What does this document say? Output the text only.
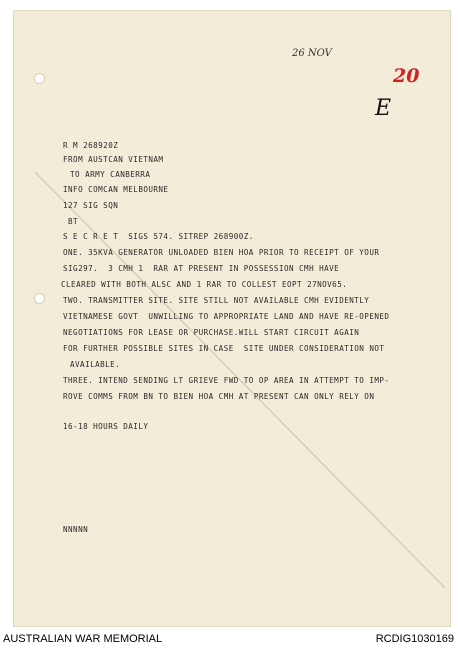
26 NOV
20
E
R M 268920Z
FROM AUSTCAN VIETNAM
TO ARMY CANBERRA
INFO COMCAN MELBOURNE
127 SIG SQN
BT
S E C R E T  SIGS 574. SITREP 268900Z.
ONE. 35KVA GENERATOR UNLOADED BIEN HOA PRIOR TO RECEIPT OF YOUR
SIG297.  3 CMH 1  RAR AT PRESENT IN POSSESSION CMH HAVE
CLEARED WITH BOTH ALSC AND 1 RAR TO COLLEST EOPT 27NOV65.
TWO. TRANSMITTER SITE. SITE STILL NOT AVAILABLE CMH EVIDENTLY
VIETNAMESE GOVT  UNWILLING TO APPROPRIATE LAND AND HAVE RE-OPENED
NEGOTIATIONS FOR LEASE OR PURCHASE.WILL START CIRCUIT AGAIN
FOR FURTHER POSSIBLE SITES IN CASE  SITE UNDER CONSIDERATION NOT
AVAILABLE.
THREE. INTEND SENDING LT GRIEVE FWD TO OP AREA IN ATTEMPT TO IMP-
ROVE COMMS FROM BN TO BIEN HOA CMH AT PRESENT CAN ONLY RELY ON
16-18 HOURS DAILY
NNNNN
AUSTRALIAN WAR MEMORIAL	RCDIG1030169
